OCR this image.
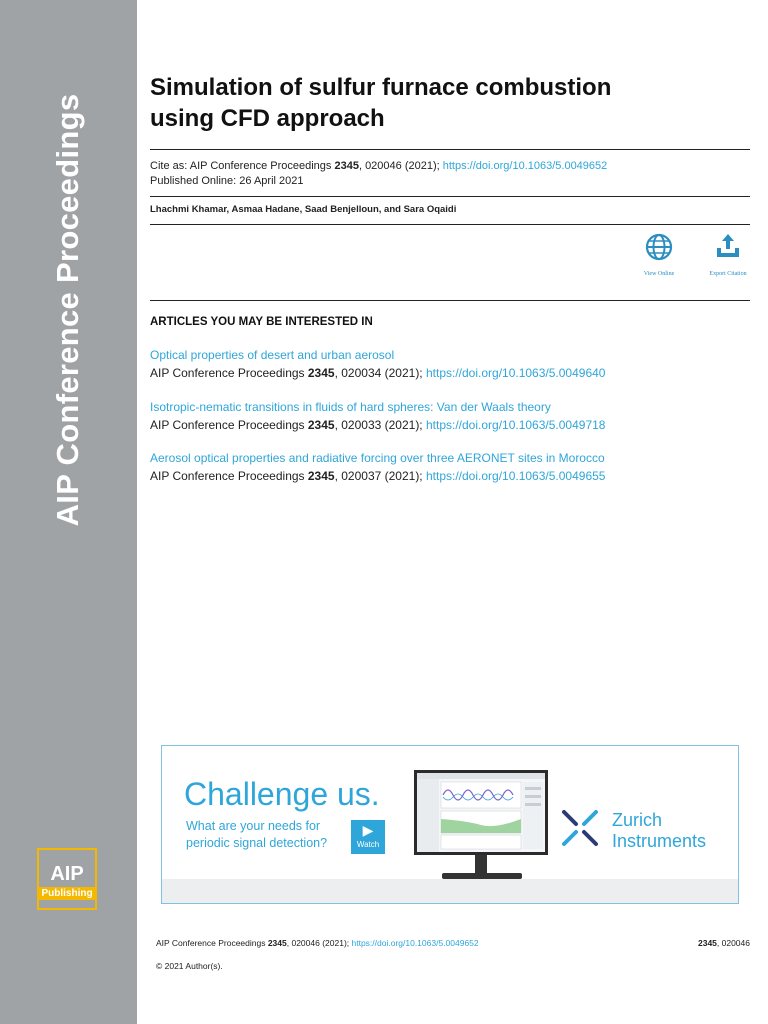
AIP Conference Proceedings
AIP
Publishing
Simulation of sulfur furnace combustion
using CFD approach
Cite as: AIP Conference Proceedings 2345, 020046 (2021); https://doi.org/10.1063/5.0049652
Published Online: 26 April 2021
Lhachmi Khamar, Asmaa Hadane, Saad Benjelloun, and Sara Oqaidi
View Online	Export Citation
ARTICLES YOU MAY BE INTERESTED IN
Optical properties of desert and urban aerosol
AIP Conference Proceedings 2345, 020034 (2021); https://doi.org/10.1063/5.0049640
Isotropic-nematic transitions in fluids of hard spheres: Van der Waals theory
AIP Conference Proceedings 2345, 020033 (2021); https://doi.org/10.1063/5.0049718
Aerosol optical properties and radiative forcing over three AERONET sites in Morocco
AIP Conference Proceedings 2345, 020037 (2021); https://doi.org/10.1063/5.0049655
Challenge us.
What are your needs for
periodic signal detection?
▶
Watch
Zurich
Instruments
AIP Conference Proceedings 2345, 020046 (2021); https://doi.org/10.1063/5.0049652	2345, 020046
© 2021 Author(s).
